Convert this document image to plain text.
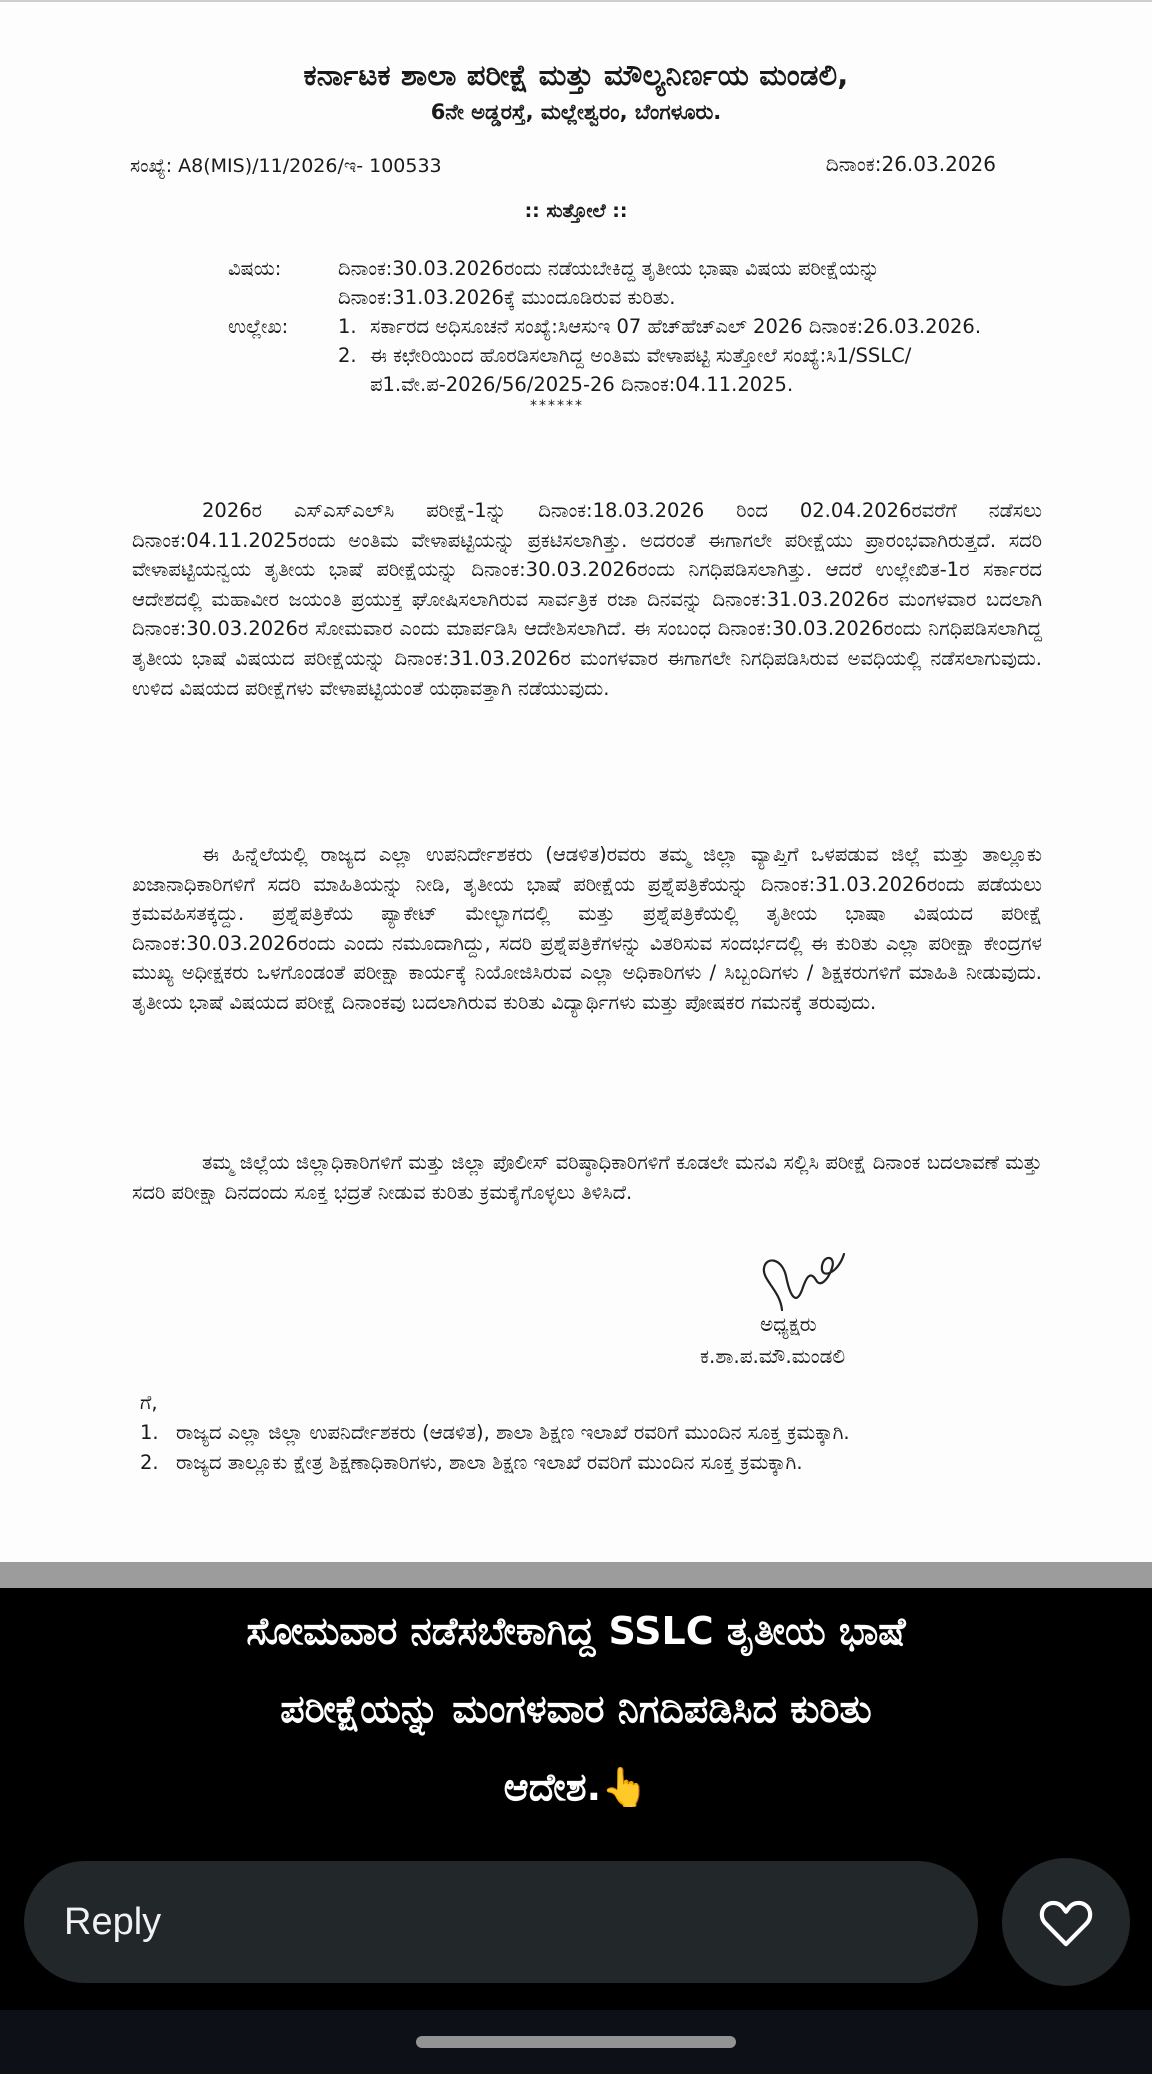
ಕರ್ನಾಟಕ ಶಾಲಾ ಪರೀಕ್ಷೆ ಮತ್ತು ಮೌಲ್ಯನಿರ್ಣಯ ಮಂಡಲಿ,
6ನೇ ಅಡ್ಡರಸ್ತೆ, ಮಲ್ಲೇಶ್ವರಂ, ಬೆಂಗಳೂರು.
ಸಂಖ್ಯೆ: A8(MIS)/11/2026/ಇ- 100533	ದಿನಾಂಕ:26.03.2026
:: ಸುತ್ತೋಲೆ ::
ವಿಷಯ:	ದಿನಾಂಕ:30.03.2026ರಂದು ನಡೆಯಬೇಕಿದ್ದ ತೃತೀಯ ಭಾಷಾ ವಿಷಯ ಪರೀಕ್ಷೆಯನ್ನು ದಿನಾಂಕ:31.03.2026ಕ್ಕೆ ಮುಂದೂಡಿರುವ ಕುರಿತು.
ಉಲ್ಲೇಖ:	1. ಸರ್ಕಾರದ ಅಧಿಸೂಚನೆ ಸಂಖ್ಯೆ:ಸಿಆಸುಇ 07 ಹೆಚ್‌ಹೆಚ್‌ಎಲ್ 2026 ದಿನಾಂಕ:26.03.2026.
2. ಈ ಕಛೇರಿಯಿಂದ ಹೊರಡಿಸಲಾಗಿದ್ದ ಅಂತಿಮ ವೇಳಾಪಟ್ಟಿ ಸುತ್ತೋಲೆ ಸಂಖ್ಯೆ:ಸಿ1/SSLC/ಪ1.ವೇ.ಪ-2026/56/2025-26 ದಿನಾಂಕ:04.11.2025.
******

2026ರ ಎಸ್‌ಎಸ್‌ಎಲ್‌ಸಿ ಪರೀಕ್ಷೆ-1ನ್ನು ದಿನಾಂಕ:18.03.2026 ರಿಂದ 02.04.2026ರವರೆಗೆ ನಡೆಸಲು ದಿನಾಂಕ:04.11.2025ರಂದು ಅಂತಿಮ ವೇಳಾಪಟ್ಟಿಯನ್ನು ಪ್ರಕಟಿಸಲಾಗಿತ್ತು. ಅದರಂತೆ ಈಗಾಗಲೇ ಪರೀಕ್ಷೆಯು ಪ್ರಾರಂಭವಾಗಿರುತ್ತದೆ. ಸದರಿ ವೇಳಾಪಟ್ಟಿಯನ್ವಯ ತೃತೀಯ ಭಾಷೆ ಪರೀಕ್ಷೆಯನ್ನು ದಿನಾಂಕ:30.03.2026ರಂದು ನಿಗಧಿಪಡಿಸಲಾಗಿತ್ತು. ಆದರೆ ಉಲ್ಲೇಖಿತ-1ರ ಸರ್ಕಾರದ ಆದೇಶದಲ್ಲಿ ಮಹಾವೀರ ಜಯಂತಿ ಪ್ರಯುಕ್ತ ಘೋಷಿಸಲಾಗಿರುವ ಸಾರ್ವತ್ರಿಕ ರಜಾ ದಿನವನ್ನು ದಿನಾಂಕ:31.03.2026ರ ಮಂಗಳವಾರ ಬದಲಾಗಿ ದಿನಾಂಕ:30.03.2026ರ ಸೋಮವಾರ ಎಂದು ಮಾರ್ಪಡಿಸಿ ಆದೇಶಿಸಲಾಗಿದೆ. ಈ ಸಂಬಂಧ ದಿನಾಂಕ:30.03.2026ರಂದು ನಿಗಧಿಪಡಿಸಲಾಗಿದ್ದ ತೃತೀಯ ಭಾಷೆ ವಿಷಯದ ಪರೀಕ್ಷೆಯನ್ನು ದಿನಾಂಕ:31.03.2026ರ ಮಂಗಳವಾರ ಈಗಾಗಲೇ ನಿಗಧಿಪಡಿಸಿರುವ ಅವಧಿಯಲ್ಲಿ ನಡೆಸಲಾಗುವುದು. ಉಳಿದ ವಿಷಯದ ಪರೀಕ್ಷೆಗಳು ವೇಳಾಪಟ್ಟಿಯಂತೆ ಯಥಾವತ್ತಾಗಿ ನಡೆಯುವುದು.

ಈ ಹಿನ್ನೆಲೆಯಲ್ಲಿ ರಾಜ್ಯದ ಎಲ್ಲಾ ಉಪನಿರ್ದೇಶಕರು (ಆಡಳಿತ)ರವರು ತಮ್ಮ ಜಿಲ್ಲಾ ವ್ಯಾಪ್ತಿಗೆ ಒಳಪಡುವ ಜಿಲ್ಲೆ ಮತ್ತು ತಾಲ್ಲೂಕು ಖಜಾನಾಧಿಕಾರಿಗಳಿಗೆ ಸದರಿ ಮಾಹಿತಿಯನ್ನು ನೀಡಿ, ತೃತೀಯ ಭಾಷೆ ಪರೀಕ್ಷೆಯ ಪ್ರಶ್ನೆಪತ್ರಿಕೆಯನ್ನು ದಿನಾಂಕ:31.03.2026ರಂದು ಪಡೆಯಲು ಕ್ರಮವಹಿಸತಕ್ಕದ್ದು. ಪ್ರಶ್ನೆಪತ್ರಿಕೆಯ ಪ್ಯಾಕೇಟ್ ಮೇಲ್ಭಾಗದಲ್ಲಿ ಮತ್ತು ಪ್ರಶ್ನೆಪತ್ರಿಕೆಯಲ್ಲಿ ತೃತೀಯ ಭಾಷಾ ವಿಷಯದ ಪರೀಕ್ಷೆ ದಿನಾಂಕ:30.03.2026ರಂದು ಎಂದು ನಮೂದಾಗಿದ್ದು, ಸದರಿ ಪ್ರಶ್ನೆಪತ್ರಿಕೆಗಳನ್ನು ವಿತರಿಸುವ ಸಂದರ್ಭದಲ್ಲಿ ಈ ಕುರಿತು ಎಲ್ಲಾ ಪರೀಕ್ಷಾ ಕೇಂದ್ರಗಳ ಮುಖ್ಯ ಅಧೀಕ್ಷಕರು ಒಳಗೊಂಡಂತೆ ಪರೀಕ್ಷಾ ಕಾರ್ಯಕ್ಕೆ ನಿಯೋಜಿಸಿರುವ ಎಲ್ಲಾ ಅಧಿಕಾರಿಗಳು / ಸಿಬ್ಬಂದಿಗಳು / ಶಿಕ್ಷಕರುಗಳಿಗೆ ಮಾಹಿತಿ ನೀಡುವುದು. ತೃತೀಯ ಭಾಷೆ ವಿಷಯದ ಪರೀಕ್ಷೆ ದಿನಾಂಕವು ಬದಲಾಗಿರುವ ಕುರಿತು ವಿದ್ಯಾರ್ಥಿಗಳು ಮತ್ತು ಪೋಷಕರ ಗಮನಕ್ಕೆ ತರುವುದು.

ತಮ್ಮ ಜಿಲ್ಲೆಯ ಜಿಲ್ಲಾಧಿಕಾರಿಗಳಿಗೆ ಮತ್ತು ಜಿಲ್ಲಾ ಪೊಲೀಸ್ ವರಿಷ್ಠಾಧಿಕಾರಿಗಳಿಗೆ ಕೂಡಲೇ ಮನವಿ ಸಲ್ಲಿಸಿ ಪರೀಕ್ಷೆ ದಿನಾಂಕ ಬದಲಾವಣೆ ಮತ್ತು ಸದರಿ ಪರೀಕ್ಷಾ ದಿನದಂದು ಸೂಕ್ತ ಭದ್ರತೆ ನೀಡುವ ಕುರಿತು ಕ್ರಮಕೈಗೊಳ್ಳಲು ತಿಳಿಸಿದೆ.

ಅಧ್ಯಕ್ಷರು
ಕ.ಶಾ.ಪ.ಮೌ.ಮಂಡಲಿ
ಗೆ,
1. ರಾಜ್ಯದ ಎಲ್ಲಾ ಜಿಲ್ಲಾ ಉಪನಿರ್ದೇಶಕರು (ಆಡಳಿತ), ಶಾಲಾ ಶಿಕ್ಷಣ ಇಲಾಖೆ ರವರಿಗೆ ಮುಂದಿನ ಸೂಕ್ತ ಕ್ರಮಕ್ಕಾಗಿ.
2. ರಾಜ್ಯದ ತಾಲ್ಲೂಕು ಕ್ಷೇತ್ರ ಶಿಕ್ಷಣಾಧಿಕಾರಿಗಳು, ಶಾಲಾ ಶಿಕ್ಷಣ ಇಲಾಖೆ ರವರಿಗೆ ಮುಂದಿನ ಸೂಕ್ತ ಕ್ರಮಕ್ಕಾಗಿ.
ಸೋಮವಾರ ನಡೆಸಬೇಕಾಗಿದ್ದ SSLC ತೃತೀಯ ಭಾಷೆ
ಪರೀಕ್ಷೆಯನ್ನು ಮಂಗಳವಾರ ನಿಗದಿಪಡಿಸಿದ ಕುರಿತು
ಆದೇಶ.👆
Reply
